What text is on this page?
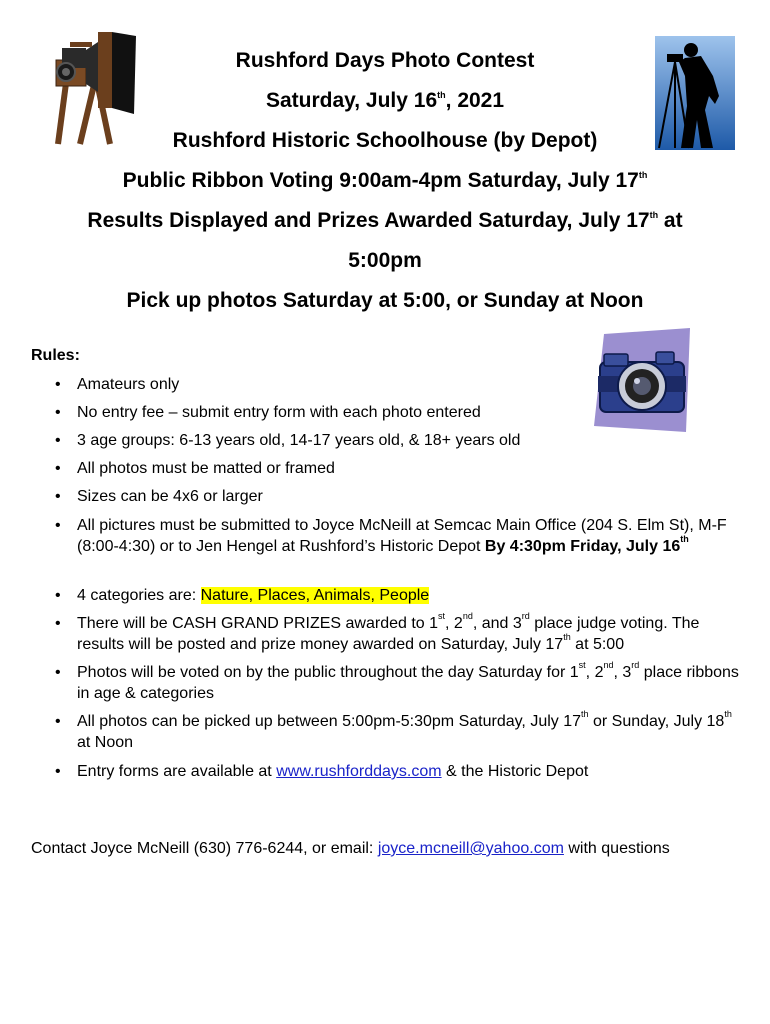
Rushford Days Photo Contest
Saturday, July 16th, 2021
Rushford Historic Schoolhouse (by Depot)
Public Ribbon Voting 9:00am-4pm Saturday, July 17th
Results Displayed and Prizes Awarded Saturday, July 17th at
5:00pm
Pick up photos Saturday at 5:00, or Sunday at Noon
Rules:
• Amateurs only
• No entry fee – submit entry form with each photo entered
• 3 age groups: 6-13 years old, 14-17 years old, & 18+ years old
• All photos must be matted or framed
• Sizes can be 4x6 or larger
• All pictures must be submitted to Joyce McNeill at Semcac Main Office (204 S. Elm St), M-F (8:00-4:30) or to Jen Hengel at Rushford’s Historic Depot By 4:30pm Friday, July 16th
• 4 categories are: Nature, Places, Animals, People
• There will be CASH GRAND PRIZES awarded to 1st, 2nd, and 3rd place judge voting. The results will be posted and prize money awarded on Saturday, July 17th at 5:00
• Photos will be voted on by the public throughout the day Saturday for 1st, 2nd, 3rd place ribbons in age & categories
• All photos can be picked up between 5:00pm-5:30pm Saturday, July 17th or Sunday, July 18th at Noon
• Entry forms are available at www.rushforddays.com & the Historic Depot
Contact Joyce McNeill (630) 776-6244, or email: joyce.mcneill@yahoo.com with questions
